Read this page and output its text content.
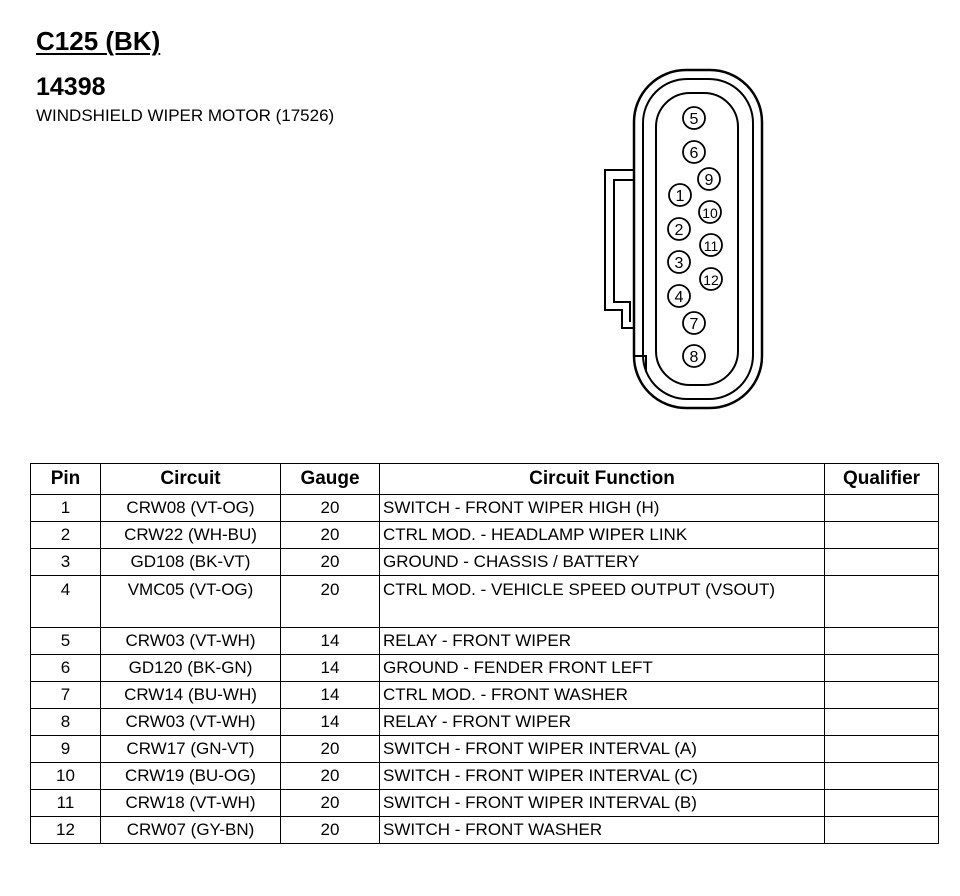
C125 (BK)
14398
WINDSHIELD WIPER MOTOR (17526)	5
6
9
1
10
2
11
3
12
4
7
8
Pin	Circuit	Gauge	Circuit Function	Qualifier
1	CRW08 (VT-OG)	20	SWITCH - FRONT WIPER HIGH (H)	
2	CRW22 (WH-BU)	20	CTRL MOD. - HEADLAMP WIPER LINK	
3	GD108 (BK-VT)	20	GROUND - CHASSIS / BATTERY	
4	VMC05 (VT-OG)	20	CTRL MOD. - VEHICLE SPEED OUTPUT (VSOUT)	
5	CRW03 (VT-WH)	14	RELAY - FRONT WIPER	
6	GD120 (BK-GN)	14	GROUND - FENDER FRONT LEFT	
7	CRW14 (BU-WH)	14	CTRL MOD. - FRONT WASHER	
8	CRW03 (VT-WH)	14	RELAY - FRONT WIPER	
9	CRW17 (GN-VT)	20	SWITCH - FRONT WIPER INTERVAL (A)	
10	CRW19 (BU-OG)	20	SWITCH - FRONT WIPER INTERVAL (C)	
11	CRW18 (VT-WH)	20	SWITCH - FRONT WIPER INTERVAL (B)	
12	CRW07 (GY-BN)	20	SWITCH - FRONT WASHER	
